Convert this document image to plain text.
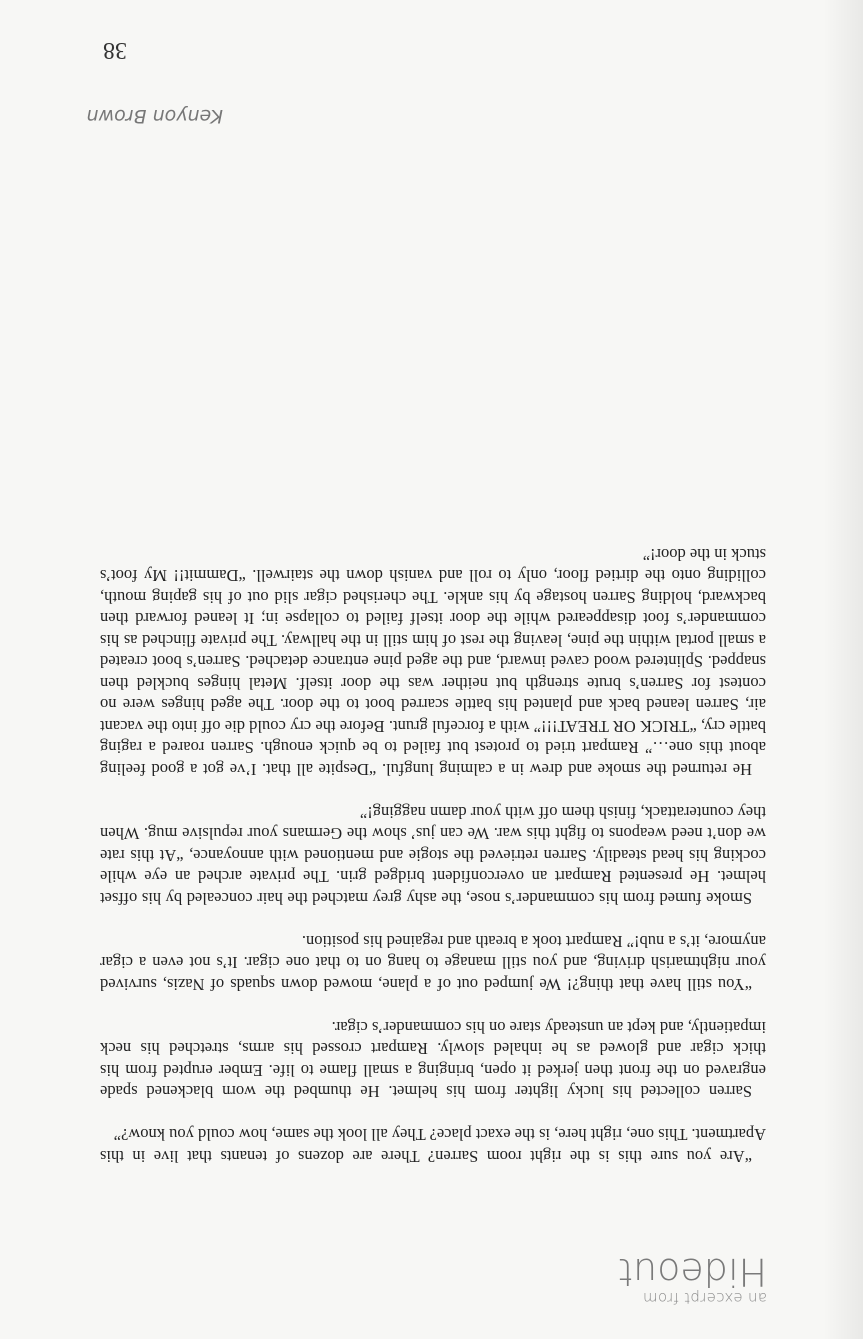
an excerpt from
Hideout

“Are you sure this is the right room Sarren? There are dozens of tenants that live in this Apartment. This one, right here, is the exact place? They all look the same, how could you know?”

Sarren collected his lucky lighter from his helmet. He thumbed the worn blackened spade engraved on the front then jerked it open, bringing a small flame to life. Ember erupted from his thick cigar and glowed as he inhaled slowly. Rampart crossed his arms, stretched his neck impatiently, and kept an unsteady stare on his commander’s cigar.

“You still have that thing?! We jumped out of a plane, mowed down squads of Nazis, survived your nightmarish driving, and you still manage to hang on to that one cigar. It’s not even a cigar anymore, it’s a nub!” Rampart took a breath and regained his position.

Smoke fumed from his commander’s nose, the ashy grey matched the hair concealed by his offset helmet. He presented Rampart an overconfident bridged grin. The private arched an eye while cocking his head steadily. Sarren retrieved the stogie and mentioned with annoyance, “At this rate we don’t need weapons to fight this war. We can jus’ show the Germans your repulsive mug. When they counterattack, finish them off with your damn nagging!”

He returned the smoke and drew in a calming lungful. “Despite all that. I’ve got a good feeling about this one…” Rampart tried to protest but failed to be quick enough. Sarren roared a raging battle cry, “TRICK OR TREAT!!!” with a forceful grunt. Before the cry could die off into the vacant air, Sarren leaned back and planted his battle scarred boot to the door. The aged hinges were no contest for Sarren’s brute strength but neither was the door itself. Metal hinges buckled then snapped. Splintered wood caved inward, and the aged pine entrance detached. Sarren’s boot created a small portal within the pine, leaving the rest of him still in the hallway. The private flinched as his commander’s foot disappeared while the door itself failed to collapse in; It leaned forward then backward, holding Sarren hostage by his ankle. The cherished cigar slid out of his gaping mouth, colliding onto the dirtied floor, only to roll and vanish down the stairwell. “Dammit!! My foot’s stuck in the door!”

Kenyon Brown
38
